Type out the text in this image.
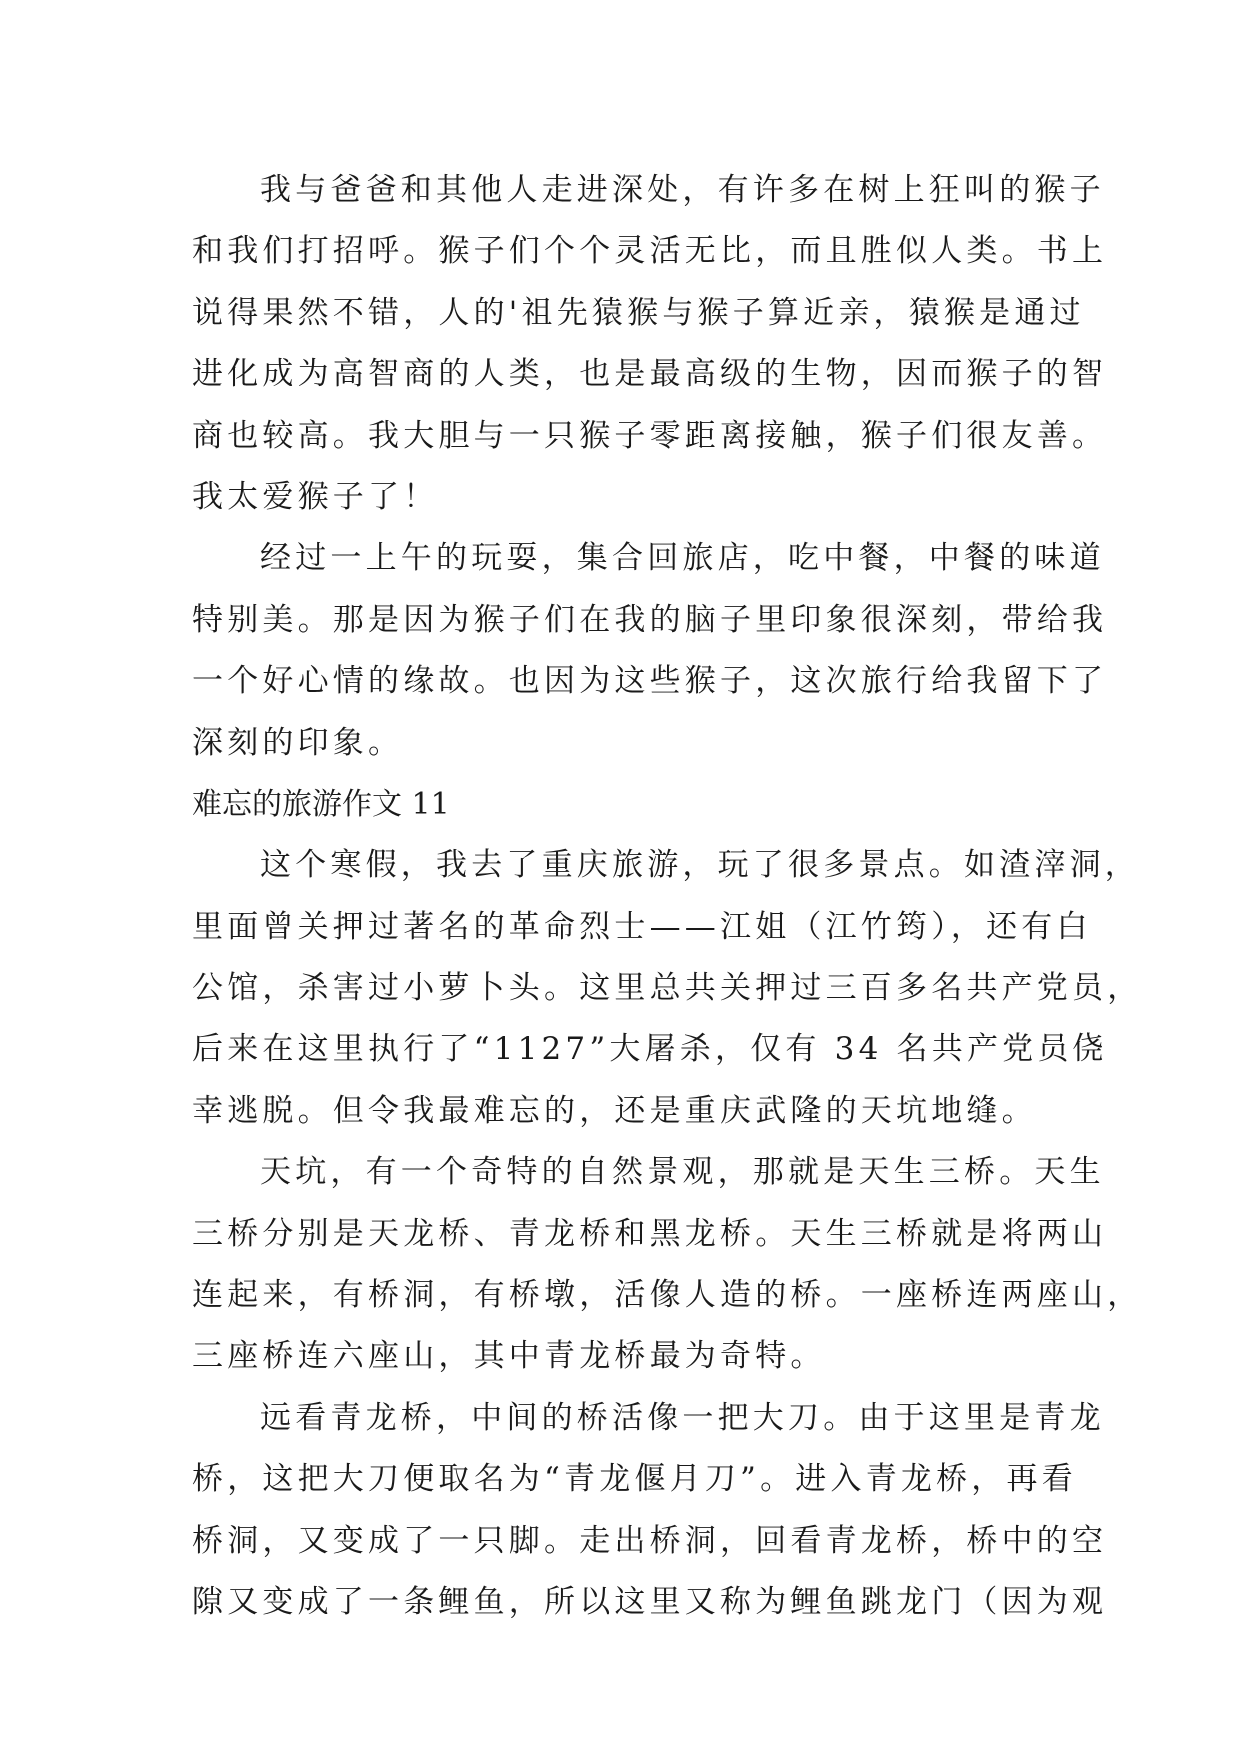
我与爸爸和其他人走进深处，有许多在树上狂叫的猴子
和我们打招呼。猴子们个个灵活无比，而且胜似人类。书上
说得果然不错，人的'祖先猿猴与猴子算近亲，猿猴是通过
进化成为高智商的人类，也是最高级的生物，因而猴子的智
商也较高。我大胆与一只猴子零距离接触，猴子们很友善。
我太爱猴子了！
经过一上午的玩耍，集合回旅店，吃中餐，中餐的味道
特别美。那是因为猴子们在我的脑子里印象很深刻，带给我
一个好心情的缘故。也因为这些猴子，这次旅行给我留下了
深刻的印象。
难忘的旅游作文 11
这个寒假，我去了重庆旅游，玩了很多景点。如渣滓洞，
里面曾关押过著名的革命烈士——江姐（江竹筠），还有白
公馆，杀害过小萝卜头。这里总共关押过三百多名共产党员，
后来在这里执行了“1127”大屠杀，仅有 34 名共产党员侥
幸逃脱。但令我最难忘的，还是重庆武隆的天坑地缝。
天坑，有一个奇特的自然景观，那就是天生三桥。天生
三桥分别是天龙桥、青龙桥和黑龙桥。天生三桥就是将两山
连起来，有桥洞，有桥墩，活像人造的桥。一座桥连两座山，
三座桥连六座山，其中青龙桥最为奇特。
远看青龙桥，中间的桥活像一把大刀。由于这里是青龙
桥，这把大刀便取名为“青龙偃月刀”。进入青龙桥，再看
桥洞，又变成了一只脚。走出桥洞，回看青龙桥，桥中的空
隙又变成了一条鲤鱼，所以这里又称为鲤鱼跳龙门（因为观
